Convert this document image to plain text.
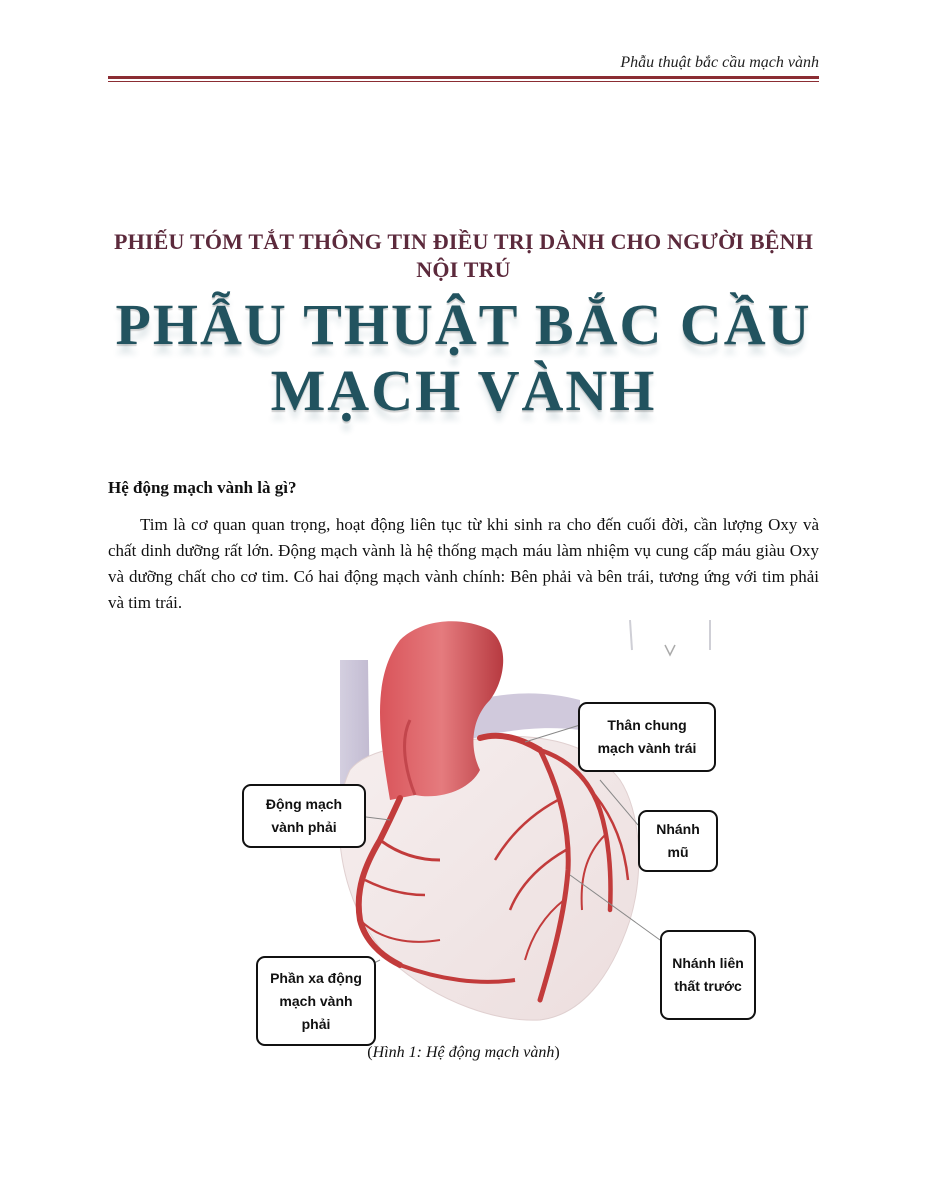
Phẫu thuật bắc cầu mạch vành
PHIẾU TÓM TẮT THÔNG TIN ĐIỀU TRỊ DÀNH CHO NGƯỜI BỆNH NỘI TRÚ
PHẪU THUẬT BẮC CẦU
MẠCH VÀNH
Hệ động mạch vành là gì?
Tim là cơ quan quan trọng, hoạt động liên tục từ khi sinh ra cho đến cuối đời, cần lượng Oxy và chất dinh dưỡng rất lớn. Động mạch vành là hệ thống mạch máu làm nhiệm vụ cung cấp máu giàu Oxy và dưỡng chất cho cơ tim. Có hai động mạch vành chính: Bên phải và bên trái, tương ứng với tim phải và tim trái.
Thân chung mạch vành trái
Động mạch vành phải	Nhánh mũ
Nhánh liên thất trước
Phần xa động mạch vành phải
(Hình 1: Hệ động mạch vành)
